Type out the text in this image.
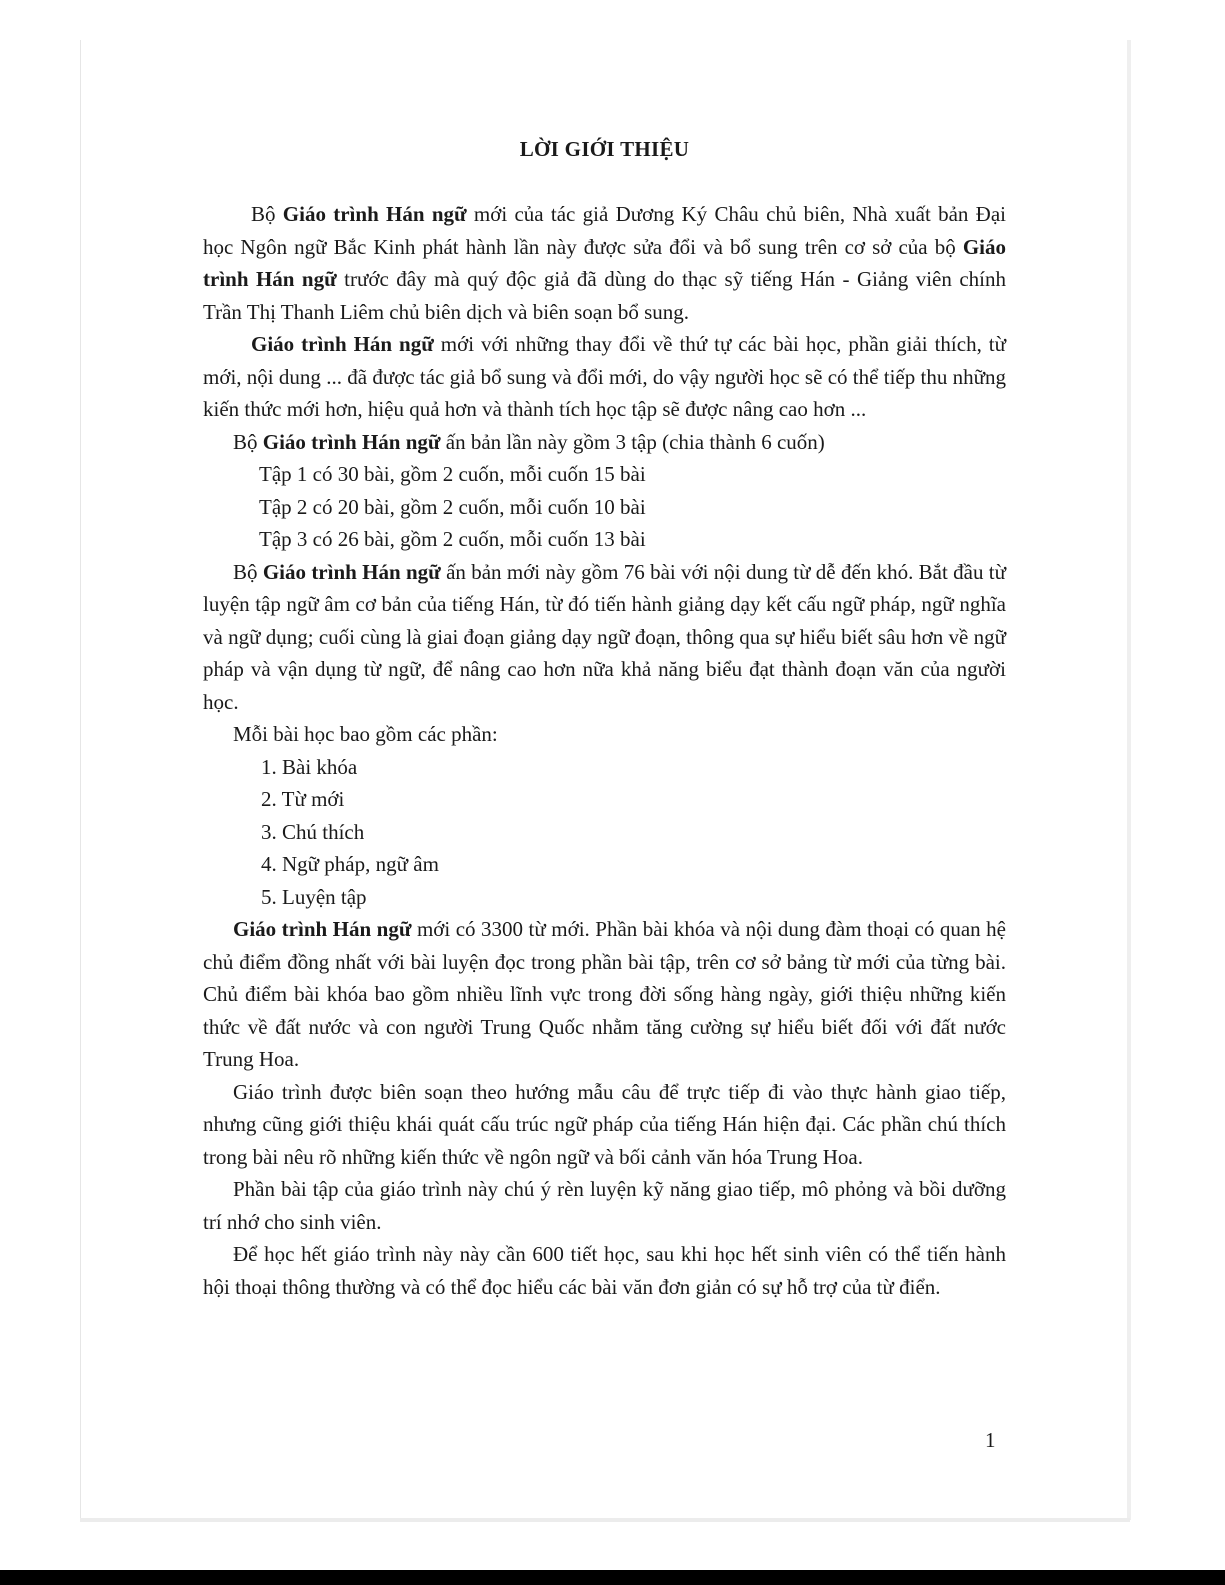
LỜI GIỚI THIỆU

Bộ Giáo trình Hán ngữ mới của tác giả Dương Ký Châu chủ biên, Nhà xuất bản Đại học Ngôn ngữ Bắc Kinh phát hành lần này được sửa đổi và bổ sung trên cơ sở của bộ Giáo trình Hán ngữ trước đây mà quý độc giả đã dùng do thạc sỹ tiếng Hán - Giảng viên chính Trần Thị Thanh Liêm chủ biên dịch và biên soạn bổ sung.

Giáo trình Hán ngữ mới với những thay đổi về thứ tự các bài học, phần giải thích, từ mới, nội dung ... đã được tác giả bổ sung và đổi mới, do vậy người học sẽ có thể tiếp thu những kiến thức mới hơn, hiệu quả hơn và thành tích học tập sẽ được nâng cao hơn ...

Bộ Giáo trình Hán ngữ ấn bản lần này gồm 3 tập (chia thành 6 cuốn)

Tập 1 có 30 bài, gồm 2 cuốn, mỗi cuốn 15 bài

Tập 2 có 20 bài, gồm 2 cuốn, mỗi cuốn 10 bài

Tập 3 có 26 bài, gồm 2 cuốn, mỗi cuốn 13 bài

Bộ Giáo trình Hán ngữ ấn bản mới này gồm 76 bài với nội dung từ dễ đến khó. Bắt đầu từ luyện tập ngữ âm cơ bản của tiếng Hán, từ đó tiến hành giảng dạy kết cấu ngữ pháp, ngữ nghĩa và ngữ dụng; cuối cùng là giai đoạn giảng dạy ngữ đoạn, thông qua sự hiểu biết sâu hơn về ngữ pháp và vận dụng từ ngữ, để nâng cao hơn nữa khả năng biểu đạt thành đoạn văn của người học.

Mỗi bài học bao gồm các phần:

1. Bài khóa

2. Từ mới

3. Chú thích

4. Ngữ pháp, ngữ âm

5. Luyện tập

Giáo trình Hán ngữ mới có 3300 từ mới. Phần bài khóa và nội dung đàm thoại có quan hệ chủ điểm đồng nhất với bài luyện đọc trong phần bài tập, trên cơ sở bảng từ mới của từng bài. Chủ điểm bài khóa bao gồm nhiều lĩnh vực trong đời sống hàng ngày, giới thiệu những kiến thức về đất nước và con người Trung Quốc nhằm tăng cường sự hiểu biết đối với đất nước Trung Hoa.

Giáo trình được biên soạn theo hướng mẫu câu để trực tiếp đi vào thực hành giao tiếp, nhưng cũng giới thiệu khái quát cấu trúc ngữ pháp của tiếng Hán hiện đại. Các phần chú thích trong bài nêu rõ những kiến thức về ngôn ngữ và bối cảnh văn hóa Trung Hoa.

Phần bài tập của giáo trình này chú ý rèn luyện kỹ năng giao tiếp, mô phỏng và bồi dưỡng trí nhớ cho sinh viên.

Để học hết giáo trình này này cần 600 tiết học, sau khi học hết sinh viên có thể tiến hành hội thoại thông thường và có thể đọc hiểu các bài văn đơn giản có sự hỗ trợ của từ điển.

1
